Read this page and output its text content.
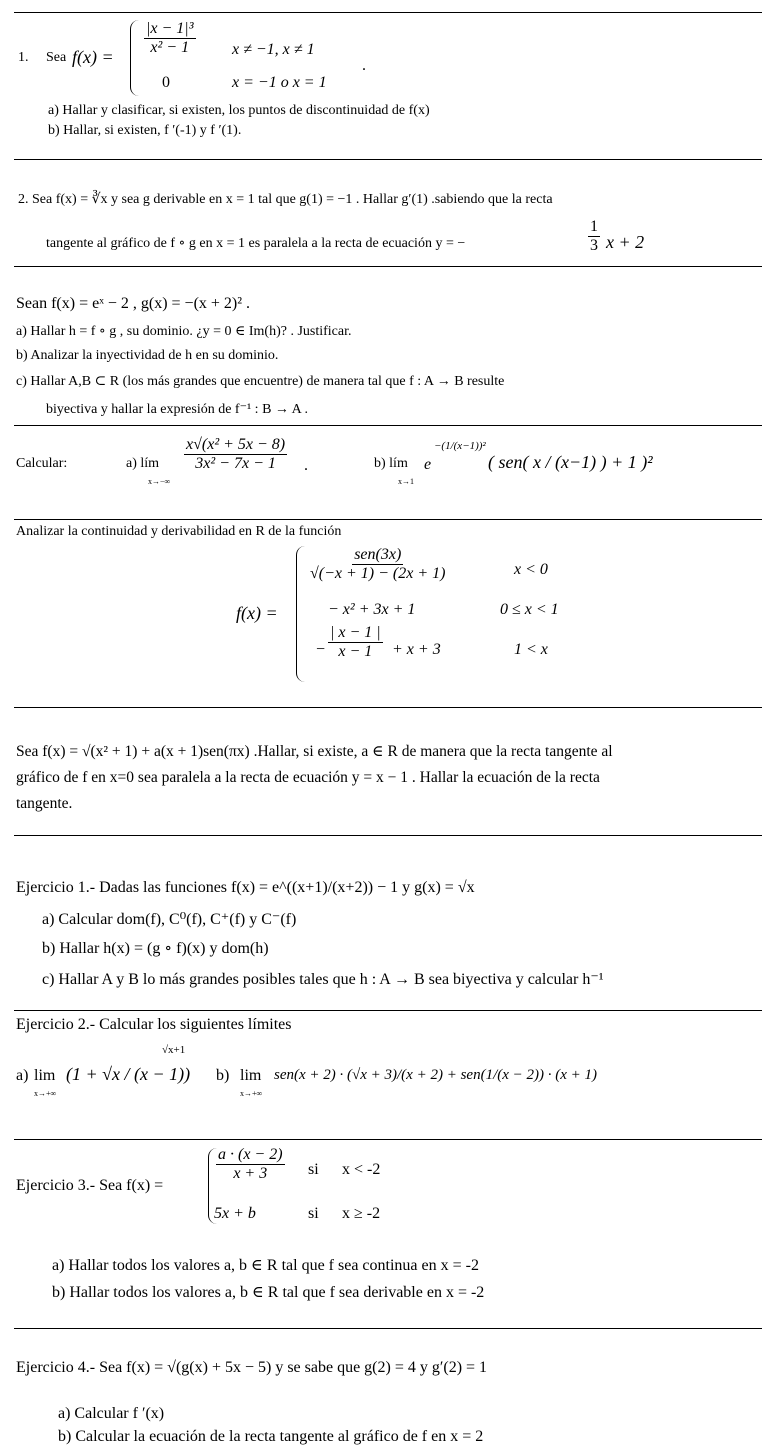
1. Sea $f(x) = \frac{\text{|x − 1|³}}{\text{x² − 1}}$ x ≠ −1, x ≠ 1
0	x = −1 o x = 1
.
a) Hallar y clasificar, si existen, los puntos de discontinuidad de f(x)
b) Hallar, si existen, f ′(-1) y f ′(1).
2. Sea f(x) = ∛x y sea g derivable en x = 1 tal que g(1) = −1 . Hallar g′(1) .sabiendo que la recta
tangente al gráfico de f ∘ g en x = 1 es paralela a la recta de ecuación y = −	$\frac{1}{3}$ x + 2
Sean f(x) = eˣ − 2 , g(x) = −(x + 2)² .
a) Hallar h = f ∘ g , su dominio. ¿y = 0 ∈ Im(h)? . Justificar.
b) Analizar la inyectividad de h en su dominio.
c) Hallar A,B ⊂ R (los más grandes que encuentre) de manera tal que f : A → B resulte
biyectiva y hallar la expresión de f⁻¹ : B → A .
Calcular:	a) lím
x→−∞
$\frac{\text{x√(x² + 5x − 8)}}{\text{3x² − 7x − 1}}$ .	b) lím
x→1
e
−(1/(x−1))²
( sen( x / (x−1) ) + 1 )²
Analizar la continuidad y derivabilidad en R de la función
f(x) =
sen(3x)
√(−x + 1) − (2x + 1)	x < 0
− x² + 3x + 1	0 ≤ x < 1
− $\frac{| x - 1 |}{x - 1} + x + 3$	1 < x
Sea f(x) = √(x² + 1) + a(x + 1)sen(πx) .Hallar, si existe, a ∈ R de manera que la recta tangente al
gráfico de f en x=0 sea paralela a la recta de ecuación y = x − 1 . Hallar la ecuación de la recta
tangente.
Ejercicio 1.- Dadas las funciones f(x) = e^((x+1)/(x+2)) − 1 y g(x) = √x
a) Calcular dom(f), C⁰(f), C⁺(f) y C⁻(f)
b) Hallar h(x) = (g ∘ f)(x) y dom(h)
c) Hallar A y B lo más grandes posibles tales que h : A → B sea biyectiva y calcular h⁻¹
Ejercicio 2.- Calcular los siguientes límites
a) lim
x→+∞
(1 + √x / (x − 1))
√x+1
b) lim
x→+∞
sen(x + 2) · (√x + 3)/(x + 2) + sen(1/(x − 2)) · (x + 1)
Ejercicio 3.- Sea f(x) =
$\frac{a \cdot (x - 2)}{x + 3}$ si x < -2
5x + b	si x ≥ -2
a) Hallar todos los valores a, b ∈ R tal que f sea continua en x = -2
b) Hallar todos los valores a, b ∈ R tal que f sea derivable en x = -2
Ejercicio 4.- Sea f(x) = √(g(x) + 5x − 5) y se sabe que g(2) = 4 y g′(2) = 1
a) Calcular f ′(x)
b) Calcular la ecuación de la recta tangente al gráfico de f en x = 2
